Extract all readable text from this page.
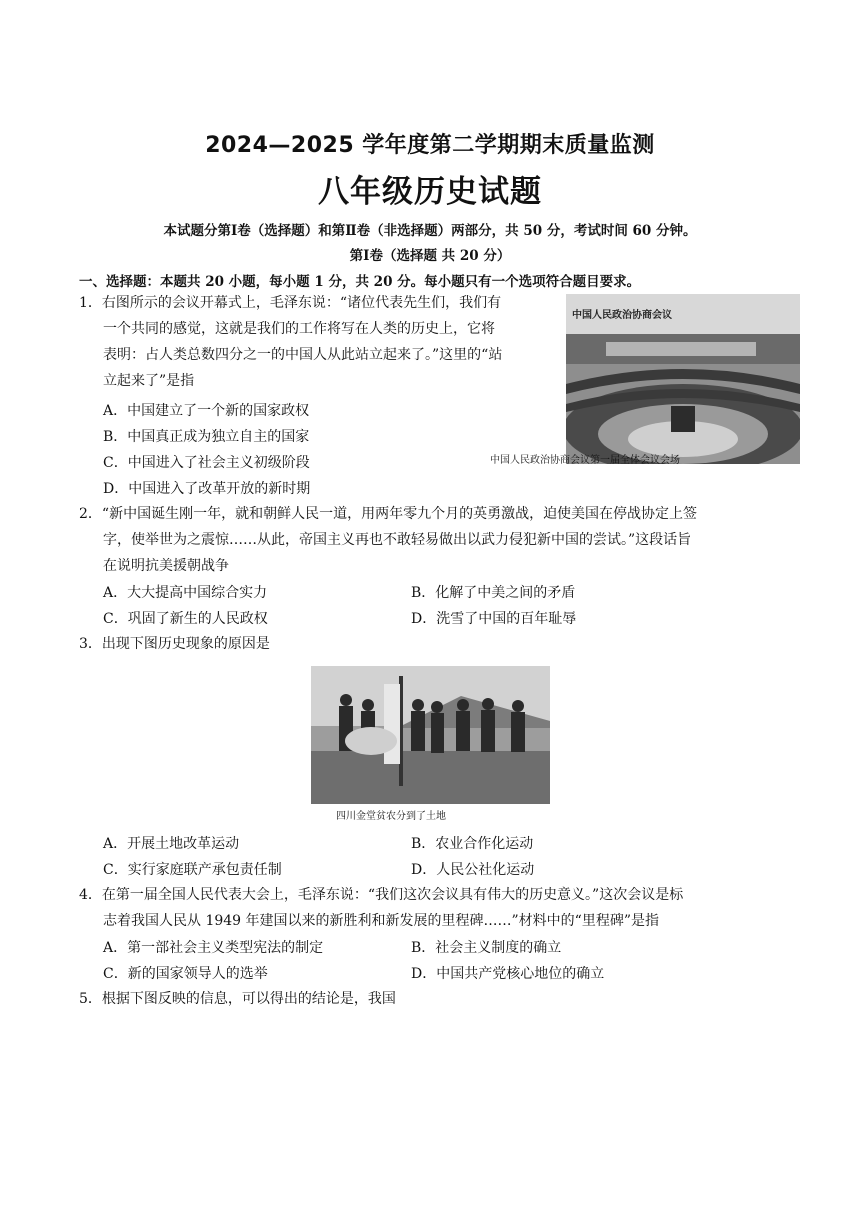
2024—2025 学年度第二学期期末质量监测
八年级历史试题
本试题分第Ⅰ卷（选择题）和第Ⅱ卷（非选择题）两部分，共 50 分，考试时间 60 分钟。
第Ⅰ卷（选择题 共 20 分）
一、选择题：本题共 20 小题，每小题 1 分，共 20 分。每小题只有一个选项符合题目要求。
1．右图所示的会议开幕式上，毛泽东说：“诸位代表先生们，我们有
一个共同的感觉，这就是我们的工作将写在人类的历史上，它将
表明：占人类总数四分之一的中国人从此站立起来了。”这里的“站
立起来了”是指
A．中国建立了一个新的国家政权
B．中国真正成为独立自主的国家
C．中国进入了社会主义初级阶段
D．中国进入了改革开放的新时期
中国人民政治协商会议
中国人民政治协商会议第一届全体会议会场
2．“新中国诞生刚一年，就和朝鲜人民一道，用两年零九个月的英勇激战，迫使美国在停战协定上签
字，使举世为之震惊……从此，帝国主义再也不敢轻易做出以武力侵犯新中国的尝试。”这段话旨
在说明抗美援朝战争
A．大大提高中国综合实力	B．化解了中美之间的矛盾
C．巩固了新生的人民政权	D．洗雪了中国的百年耻辱
3．出现下图历史现象的原因是
四川金堂贫农分到了土地
A．开展土地改革运动	B．农业合作化运动
C．实行家庭联产承包责任制	D．人民公社化运动
4．在第一届全国人民代表大会上，毛泽东说：“我们这次会议具有伟大的历史意义。”这次会议是标
志着我国人民从 1949 年建国以来的新胜利和新发展的里程碑……”材料中的“里程碑”是指
A．第一部社会主义类型宪法的制定	B．社会主义制度的确立
C．新的国家领导人的选举	D．中国共产党核心地位的确立
5．根据下图反映的信息，可以得出的结论是，我国
